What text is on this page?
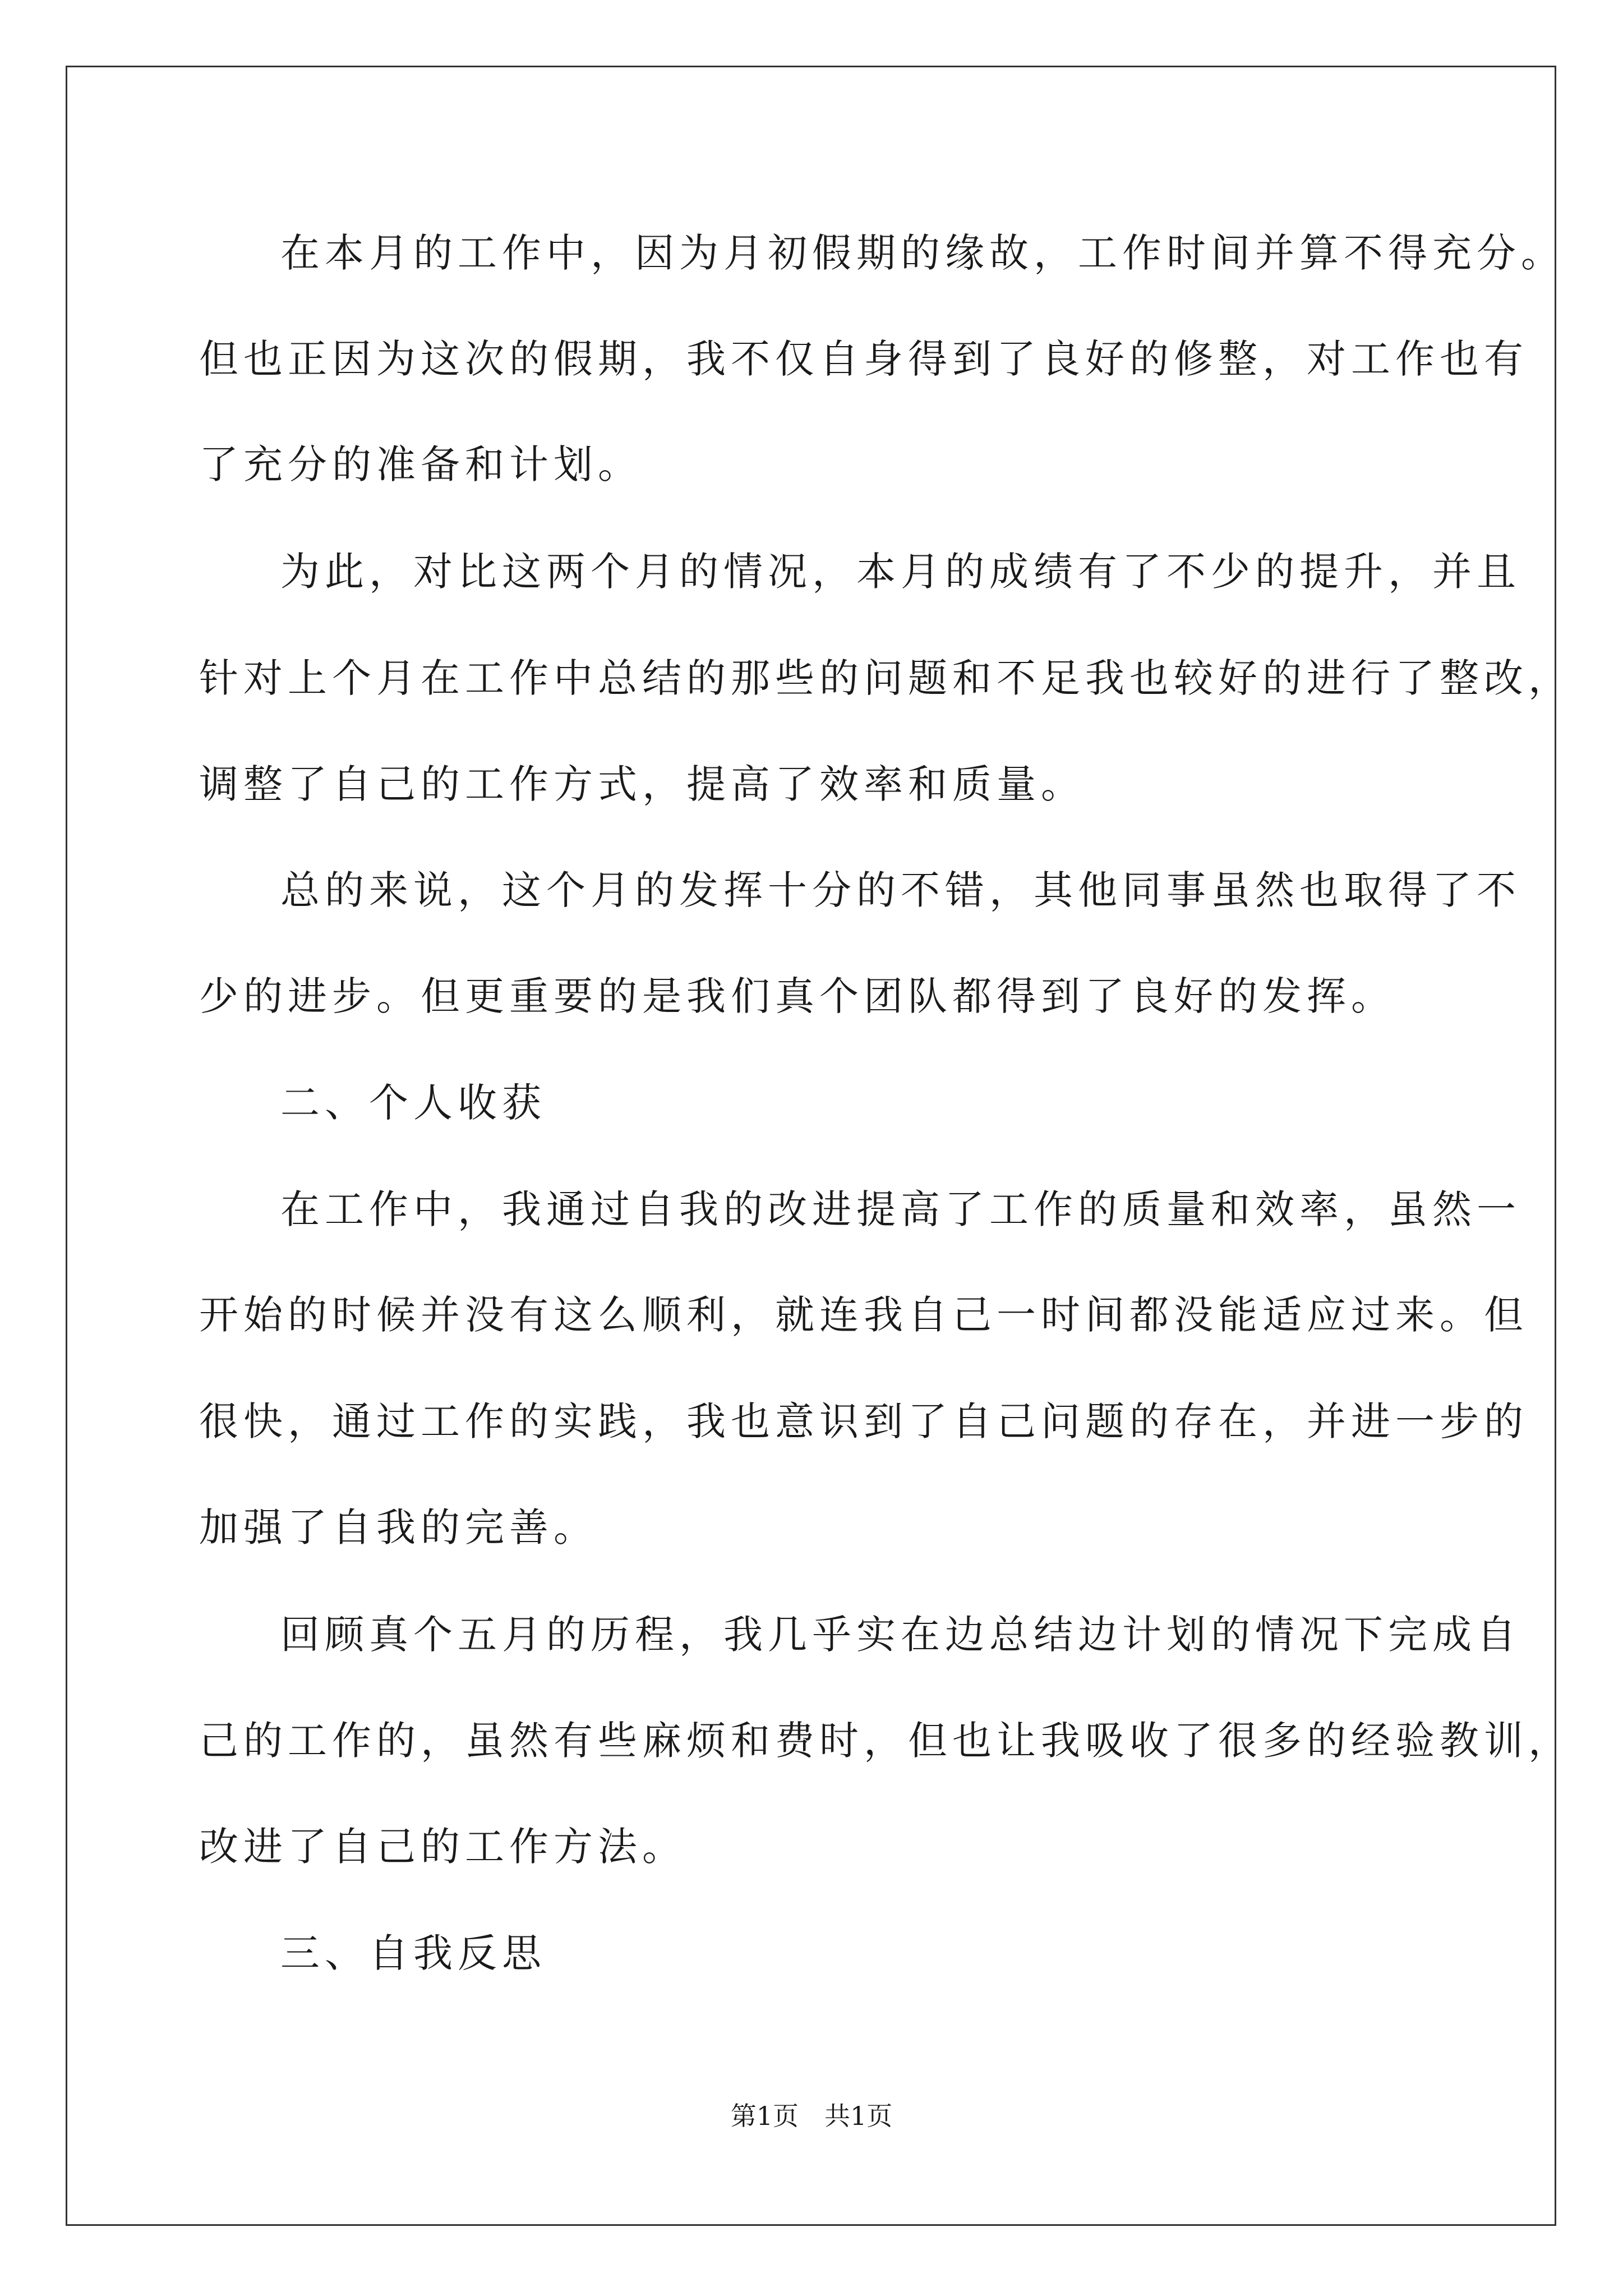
在本月的工作中，因为月初假期的缘故，工作时间并算不得充分。
但也正因为这次的假期，我不仅自身得到了良好的修整，对工作也有
了充分的准备和计划。
为此，对比这两个月的情况，本月的成绩有了不少的提升，并且
针对上个月在工作中总结的那些的问题和不足我也较好的进行了整改，
调整了自己的工作方式，提高了效率和质量。
总的来说，这个月的发挥十分的不错，其他同事虽然也取得了不
少的进步。但更重要的是我们真个团队都得到了良好的发挥。
二、个人收获
在工作中，我通过自我的改进提高了工作的质量和效率，虽然一
开始的时候并没有这么顺利，就连我自己一时间都没能适应过来。但
很快，通过工作的实践，我也意识到了自己问题的存在，并进一步的
加强了自我的完善。
回顾真个五月的历程，我几乎实在边总结边计划的情况下完成自
己的工作的，虽然有些麻烦和费时，但也让我吸收了很多的经验教训，
改进了自己的工作方法。
三、自我反思
第1页　共1页
